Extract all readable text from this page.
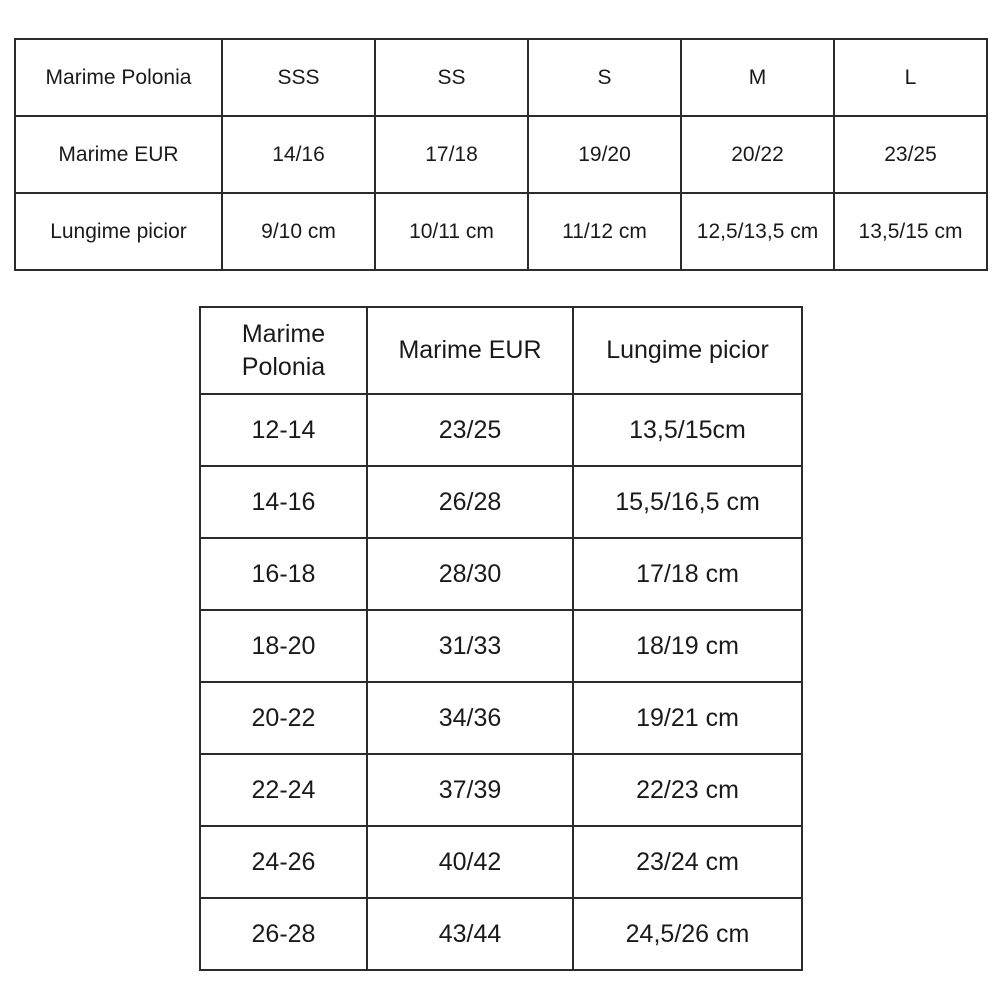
Marime Polonia	SSS	SS	S	M	L
Marime EUR	14/16	17/18	19/20	20/22	23/25
Lungime picior	9/10 cm	10/11 cm	11/12 cm	12,5/13,5 cm	13,5/15 cm
Marime Polonia	Marime EUR	Lungime picior
12-14	23/25	13,5/15cm
14-16	26/28	15,5/16,5 cm
16-18	28/30	17/18 cm
18-20	31/33	18/19 cm
20-22	34/36	19/21 cm
22-24	37/39	22/23 cm
24-26	40/42	23/24 cm
26-28	43/44	24,5/26 cm
